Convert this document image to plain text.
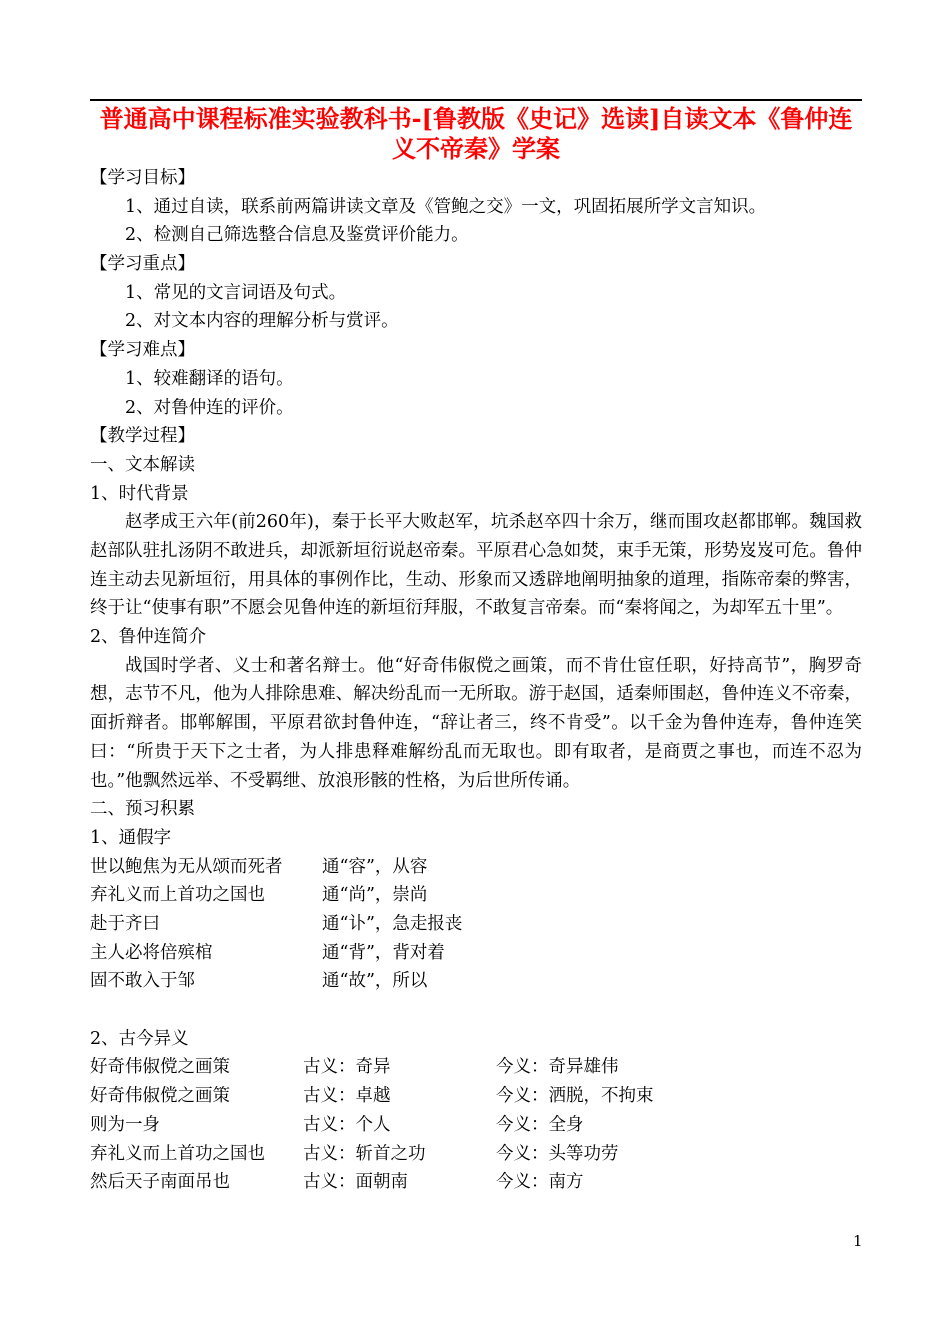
普通高中课程标准实验教科书-[鲁教版《史记》选读]自读文本《鲁仲连义不帝秦》学案
【学习目标】
1、通过自读，联系前两篇讲读文章及《管鲍之交》一文，巩固拓展所学文言知识。
2、检测自己筛选整合信息及鉴赏评价能力。
【学习重点】
1、常见的文言词语及句式。
2、对文本内容的理解分析与赏评。
【学习难点】
1、较难翻译的语句。
2、对鲁仲连的评价。
【教学过程】
一、文本解读
1、时代背景
赵孝成王六年(前260年)，秦于长平大败赵军，坑杀赵卒四十余万，继而围攻赵都邯郸。魏国救赵部队驻扎汤阴不敢进兵，却派新垣衍说赵帝秦。平原君心急如焚，束手无策，形势岌岌可危。鲁仲连主动去见新垣衍，用具体的事例作比，生动、形象而又透辟地阐明抽象的道理，指陈帝秦的弊害，终于让“使事有职”不愿会见鲁仲连的新垣衍拜服，不敢复言帝秦。而“秦将闻之，为却军五十里”。
2、鲁仲连简介
战国时学者、义士和著名辩士。他“好奇伟俶傥之画策，而不肯仕宦任职，好持高节”，胸罗奇想，志节不凡，他为人排除患难、解决纷乱而一无所取。游于赵国，适秦师围赵，鲁仲连义不帝秦，面折辩者。邯郸解围，平原君欲封鲁仲连，“辞让者三，终不肯受”。以千金为鲁仲连寿，鲁仲连笑曰：“所贵于天下之士者，为人排患释难解纷乱而无取也。即有取者，是商贾之事也，而连不忍为也。”他飘然远举、不受羁绁、放浪形骸的性格，为后世所传诵。
二、预习积累
1、通假字
世以鲍焦为无从颂而死者	通“容”，从容
弃礼义而上首功之国也	通“尚”，崇尚
赴于齐曰	通“讣”，急走报丧
主人必将倍殡棺	通“背”，背对着
固不敢入于邹	通“故”，所以
2、古今异义
好奇伟俶傥之画策	古义：奇异	今义：奇异雄伟
好奇伟俶傥之画策	古义：卓越	今义：洒脱，不拘束
则为一身	古义：个人	今义：全身
弃礼义而上首功之国也	古义：斩首之功	今义：头等功劳
然后天子南面吊也	古义：面朝南	今义：南方
1
